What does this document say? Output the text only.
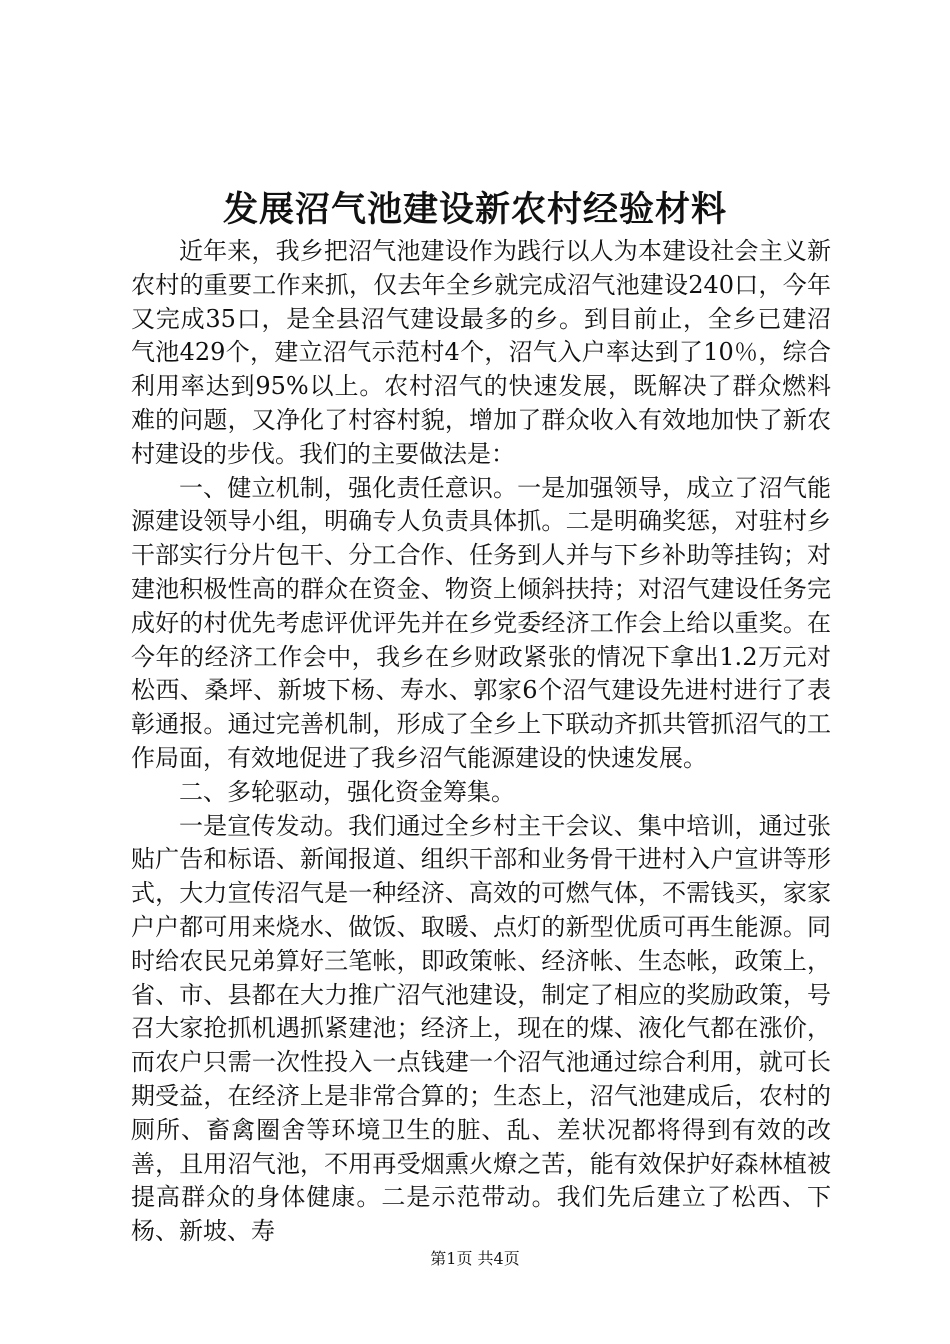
发展沼气池建设新农村经验材料

近年来，我乡把沼气池建设作为践行以人为本建设社会主义新农村的重要工作来抓，仅去年全乡就完成沼气池建设240口，今年又完成35口，是全县沼气建设最多的乡。到目前止，全乡已建沼气池429个，建立沼气示范村4个，沼气入户率达到了10％，综合利用率达到95%以上。农村沼气的快速发展，既解决了群众燃料难的问题，又净化了村容村貌，增加了群众收入有效地加快了新农村建设的步伐。我们的主要做法是：

一、健立机制，强化责任意识。一是加强领导，成立了沼气能源建设领导小组，明确专人负责具体抓。二是明确奖惩，对驻村乡干部实行分片包干、分工合作、任务到人并与下乡补助等挂钩；对建池积极性高的群众在资金、物资上倾斜扶持；对沼气建设任务完成好的村优先考虑评优评先并在乡党委经济工作会上给以重奖。在今年的经济工作会中，我乡在乡财政紧张的情况下拿出1.2万元对松西、桑坪、新坡下杨、寿水、郭家6个沼气建设先进村进行了表彰通报。通过完善机制，形成了全乡上下联动齐抓共管抓沼气的工作局面，有效地促进了我乡沼气能源建设的快速发展。

二、多轮驱动，强化资金筹集。

一是宣传发动。我们通过全乡村主干会议、集中培训，通过张贴广告和标语、新闻报道、组织干部和业务骨干进村入户宣讲等形式，大力宣传沼气是一种经济、高效的可燃气体，不需钱买，家家户户都可用来烧水、做饭、取暖、点灯的新型优质可再生能源。同时给农民兄弟算好三笔帐，即政策帐、经济帐、生态帐，政策上，省、市、县都在大力推广沼气池建设，制定了相应的奖励政策，号召大家抢抓机遇抓紧建池；经济上，现在的煤、液化气都在涨价，而农户只需一次性投入一点钱建一个沼气池通过综合利用，就可长期受益，在经济上是非常合算的；生态上，沼气池建成后，农村的厕所、畜禽圈舍等环境卫生的脏、乱、差状况都将得到有效的改善，且用沼气池，不用再受烟熏火燎之苦，能有效保护好森林植被提高群众的身体健康。二是示范带动。我们先后建立了松西、下杨、新坡、寿

第1页 共4页
